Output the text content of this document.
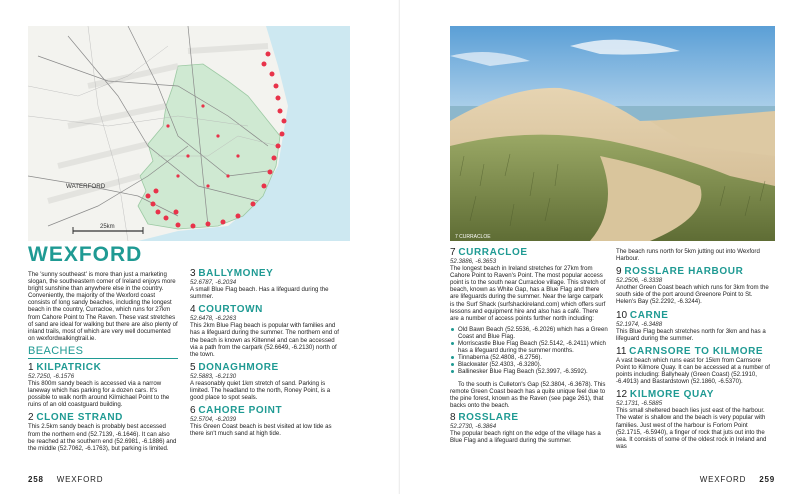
25km
WATERFORD
WEXFORD

The 'sunny southeast' is more than just a marketing slogan, the southeastern corner of Ireland enjoys more bright sunshine than anywhere else in the country. Conveniently, the majority of the Wexford coast consists of long sandy beaches, including the longest beach in the country, Curracloe, which runs for 27km from Cahore Point to The Raven. These vast stretches of sand are ideal for walking but there are also plenty of inland trails, most of which are very well documented on wexfordwalkingtrail.ie.

BEACHES
1 KILPATRICK
52.7250, -6.1576

This 800m sandy beach is accessed via a narrow laneway which has parking for a dozen cars. It's possible to walk north around Kilmichael Point to the ruins of an old coastguard building.

2 CLONE STRAND

This 2.5km sandy beach is probably best accessed from the northern end (52.7139, -6.1646). It can also be reached at the southern end (52.6981, -6.1886) and the middle (52.7062, -6.1763), but parking is limited.

3 BALLYMONEY
52.6787, -6.2034

A small Blue Flag beach. Has a lifeguard during the summer.

4 COURTOWN
52.6478, -6.2263

This 2km Blue Flag beach is popular with families and has a lifeguard during the summer. The northern end of the beach is known as Kiltennel and can be accessed via a path from the carpark (52.6649, -6.2130) north of the town.

5 DONAGHMORE
52.5883, -6.2130

A reasonably quiet 1km stretch of sand. Parking is limited. The headland to the north, Roney Point, is a good place to spot seals.

6 CAHORE POINT
52.5704, -6.2039

This Green Coast beach is best visited at low tide as there isn't much sand at high tide.

258 WEXFORD
7 CURRACLOE
7 CURRACLOE
52.3886, -6.3653

The longest beach in Ireland stretches for 27km from Cahore Point to Raven's Point. The most popular access point is to the south near Curracloe village. This stretch of beach, known as White Gap, has a Blue Flag and there are lifeguards during the summer. Near the large carpark is the Surf Shack (surfshackireland.com) which offers surf lessons and equipment hire and also has a café. There are a number of access points further north including:

Old Bawn Beach (52.5536, -6.2026) which has a Green Coast and Blue Flag.
Morriscastle Blue Flag Beach (52.5142, -6.2411) which has a lifeguard during the summer months.
Tinnaberna (52.4808, -6.2756).
Blackwater (52.4303, -6.3280).
Ballinesker Blue Flag Beach (52.3997, -6.3592).

To the south is Culleton's Gap (52.3804, -6.3678). This remote Green Coast beach has a quite unique feel due to the pine forest, known as the Raven (see page 261), that backs onto the beach.

8 ROSSLARE
52.2730, -6.3864

The popular beach right on the edge of the village has a Blue Flag and a lifeguard during the summer.

The beach runs north for 5km jutting out into Wexford Harbour.

9 ROSSLARE HARBOUR
52.2506, -6.3338

Another Green Coast beach which runs for 3km from the south side of the port around Greenore Point to St. Helen's Bay (52.2292, -6.3244).

10 CARNE
52.1974, -6.3488

This Blue Flag beach stretches north for 3km and has a lifeguard during the summer.

11 CARNSORE TO KILMORE

A vast beach which runs east for 15km from Carnsore Point to Kilmore Quay. It can be accessed at a number of points including: Ballyhealy (Green Coast) (52.1910, -6.4913) and Bastardstown (52.1860, -6.5370).

12 KILMORE QUAY
52.1731, -6.5885

This small sheltered beach lies just east of the harbour. The water is shallow and the beach is very popular with families. Just west of the harbour is Forlorn Point (52.1715, -6.5940), a finger of rock that juts out into the sea. It consists of some of the oldest rock in Ireland and was

WEXFORD 259
